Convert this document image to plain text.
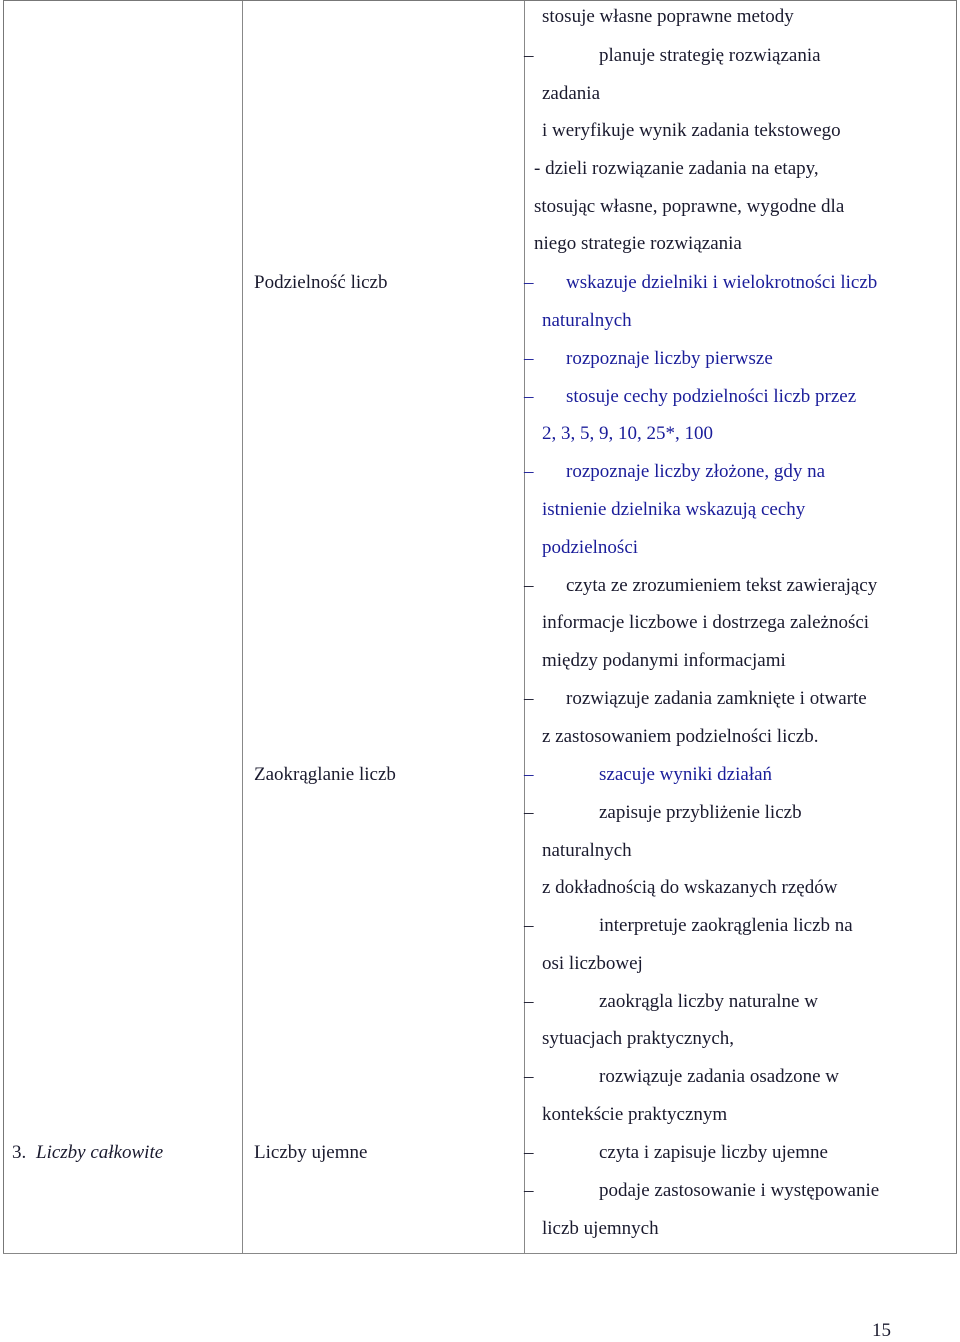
stosuje własne poprawne metody
–	planuje strategię rozwiązania
zadania
i weryfikuje wynik zadania tekstowego
- dzieli rozwiązanie zadania na etapy,
stosując własne, poprawne, wygodne dla
niego strategie rozwiązania
Podzielność liczb	– wskazuje dzielniki i wielokrotności liczb
naturalnych
– rozpoznaje liczby pierwsze
– stosuje cechy podzielności liczb przez
2, 3, 5, 9, 10, 25*, 100
– rozpoznaje liczby złożone, gdy na
istnienie dzielnika wskazują cechy
podzielności
– czyta ze zrozumieniem tekst zawierający
informacje liczbowe i dostrzega zależności
między podanymi informacjami
– rozwiązuje zadania zamknięte i otwarte
z zastosowaniem podzielności liczb.
Zaokrąglanie liczb	–	szacuje wyniki działań
–	zapisuje przybliżenie liczb
naturalnych
z dokładnością do wskazanych rzędów
–	interpretuje zaokrąglenia liczb na
osi liczbowej
–	zaokrągla liczby naturalne w
sytuacjach praktycznych,
–	rozwiązuje zadania osadzone w
kontekście praktycznym
3. Liczby całkowite	Liczby ujemne	–	czyta i zapisuje liczby ujemne
–	podaje zastosowanie i występowanie
liczb ujemnych
15
